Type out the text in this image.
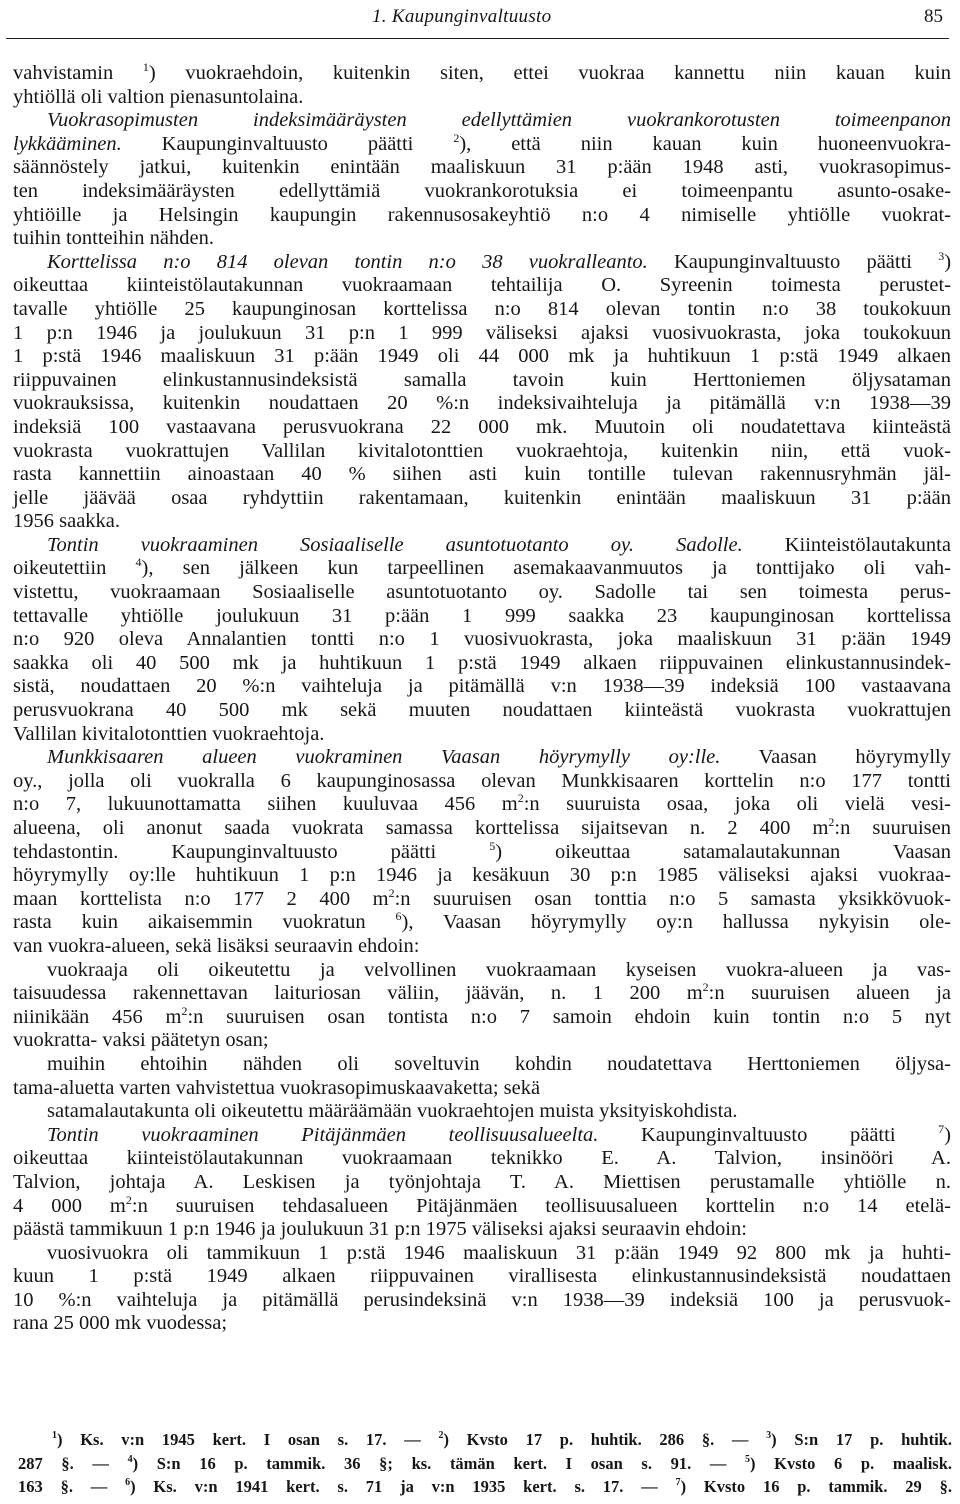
1. Kaupunginvaltuusto	85
vahvistamin $^1$) vuokraehdoin, kuitenkin siten, ettei vuokraa kannettu niin kauan kuin
yhtiöllä oli valtion pienasuntolaina.
Vuokrasopimusten indeksimääräysten edellyttämien vuokrankorotusten toimeenpanon
lykkääminen. Kaupunginvaltuusto päätti $^2$), että niin kauan kuin huoneenvuokra-
säännöstely jatkui, kuitenkin enintään maaliskuun 31 p:ään 1948 asti, vuokrasopimus-
ten indeksimääräysten edellyttämiä vuokrankorotuksia ei toimeenpantu asunto-osake-
yhtiöille ja Helsingin kaupungin rakennusosakeyhtiö n:o 4 nimiselle yhtiölle vuokrat-
tuihin tontteihin nähden.
Korttelissa n:o 814 olevan tontin n:o 38 vuokralleanto. Kaupunginvaltuusto päätti $^3$)
oikeuttaa kiinteistölautakunnan vuokraamaan tehtailija O. Syreenin toimesta perustet-
tavalle yhtiölle 25 kaupunginosan korttelissa n:o 814 olevan tontin n:o 38 toukokuun
1 p:n 1946 ja joulukuun 31 p:n 1 999 väliseksi ajaksi vuosivuokrasta, joka toukokuun
1 p:stä 1946 maaliskuun 31 p:ään 1949 oli 44 000 mk ja huhtikuun 1 p:stä 1949 alkaen
riippuvainen elinkustannusindeksistä samalla tavoin kuin Herttoniemen öljysataman
vuokrauksissa, kuitenkin noudattaen 20 %:n indeksivaihteluja ja pitämällä v:n 1938—39
indeksiä 100 vastaavana perusvuokrana 22 000 mk. Muutoin oli noudatettava kiinteästä
vuokrasta vuokrattujen Vallilan kivitalotonttien vuokraehtoja, kuitenkin niin, että vuok-
rasta kannettiin ainoastaan 40 % siihen asti kuin tontille tulevan rakennusryhmän jäl-
jelle jäävää osaa ryhdyttiin rakentamaan, kuitenkin enintään maaliskuun 31 p:ään
1956 saakka.
Tontin vuokraaminen Sosiaaliselle asuntotuotanto oy. Sadolle. Kiinteistölautakunta
oikeutettiin $^4$), sen jälkeen kun tarpeellinen asemakaavanmuutos ja tonttijako oli vah-
vistettu, vuokraamaan Sosiaaliselle asuntotuotanto oy. Sadolle tai sen toimesta perus-
tettavalle yhtiölle joulukuun 31 p:ään 1 999 saakka 23 kaupunginosan korttelissa
n:o 920 oleva Annalantien tontti n:o 1 vuosivuokrasta, joka maaliskuun 31 p:ään 1949
saakka oli 40 500 mk ja huhtikuun 1 p:stä 1949 alkaen riippuvainen elinkustannusindek-
sistä, noudattaen 20 %:n vaihteluja ja pitämällä v:n 1938—39 indeksiä 100 vastaavana
perusvuokrana 40 500 mk sekä muuten noudattaen kiinteästä vuokrasta vuokrattujen
Vallilan kivitalotonttien vuokraehtoja.
Munkkisaaren alueen vuokraminen Vaasan höyrymylly oy:lle. Vaasan höyrymylly
oy., jolla oli vuokralla 6 kaupunginosassa olevan Munkkisaaren korttelin n:o 177 tontti
n:o 7, lukuunottamatta siihen kuuluvaa 456 $m^2:n$ suuruista osaa, joka oli vielä vesi-
alueena, oli anonut saada vuokrata samassa korttelissa sijaitsevan n. 2 400 $m^2:n$ suuruisen
tehdastontin. Kaupunginvaltuusto päätti $^5$) oikeuttaa satamalautakunnan Vaasan
höyrymylly oy:lle huhtikuun 1 p:n 1946 ja kesäkuun 30 p:n 1985 väliseksi ajaksi vuokraa-
maan korttelista n:o 177 2 400 $m^2:n$ suuruisen osan tonttia n:o 5 samasta yksikkövuok-
rasta kuin aikaisemmin vuokratun $^6$), Vaasan höyrymylly oy:n hallussa nykyisin ole-
van vuokra-alueen, sekä lisäksi seuraavin ehdoin:
vuokraaja oli oikeutettu ja velvollinen vuokraamaan kyseisen vuokra-alueen ja vas-
taisuudessa rakennettavan laituriosan väliin, jäävän, n. 1 200 $m^2:n$ suuruisen alueen ja
niinikään 456 $m^2:n$ suuruisen osan tontista n:o 7 samoin ehdoin kuin tontin n:o 5 nyt
vuokratta- vaksi päätetyn osan;
muihin ehtoihin nähden oli soveltuvin kohdin noudatettava Herttoniemen öljysa-
tama-aluetta varten vahvistettua vuokrasopimuskaavaketta; sekä
satamalautakunta oli oikeutettu määräämään vuokraehtojen muista yksityiskohdista.
Tontin vuokraaminen Pitäjänmäen teollisuusalueelta. Kaupunginvaltuusto päätti $^7$)
oikeuttaa kiinteistölautakunnan vuokraamaan teknikko E. A. Talvion, insinööri A.
Talvion, johtaja A. Leskisen ja työnjohtaja T. A. Miettisen perustamalle yhtiölle n.
4 000 $m^2:n$ suuruisen tehdasalueen Pitäjänmäen teollisuusalueen korttelin n:o 14 etelä-
päästä tammikuun 1 p:n 1946 ja joulukuun 31 p:n 1975 väliseksi ajaksi seuraavin ehdoin:
vuosivuokra oli tammikuun 1 p:stä 1946 maaliskuun 31 p:ään 1949 92 800 mk ja huhti-
kuun 1 p:stä 1949 alkaen riippuvainen virallisesta elinkustannusindeksistä noudattaen
10 %:n vaihteluja ja pitämällä perusindeksinä v:n 1938—39 indeksiä 100 ja perusvuok-
rana 25 000 mk vuodessa;
$^1$) Ks. v:n 1945 kert. I osan s. 17. — $^2$) Kvsto 17 p. huhtik. 286 §. — $^3$) S:n 17 p. huhtik.
287 §. — $^4$) S:n 16 p. tammik. 36 §; ks. tämän kert. I osan s. 91. — $^5$) Kvsto 6 p. maalisk.
163 §. — $^6$) Ks. v:n 1941 kert. s. 71 ja v:n 1935 kert. s. 17. — $^7$) Kvsto 16 p. tammik. 29 §.
